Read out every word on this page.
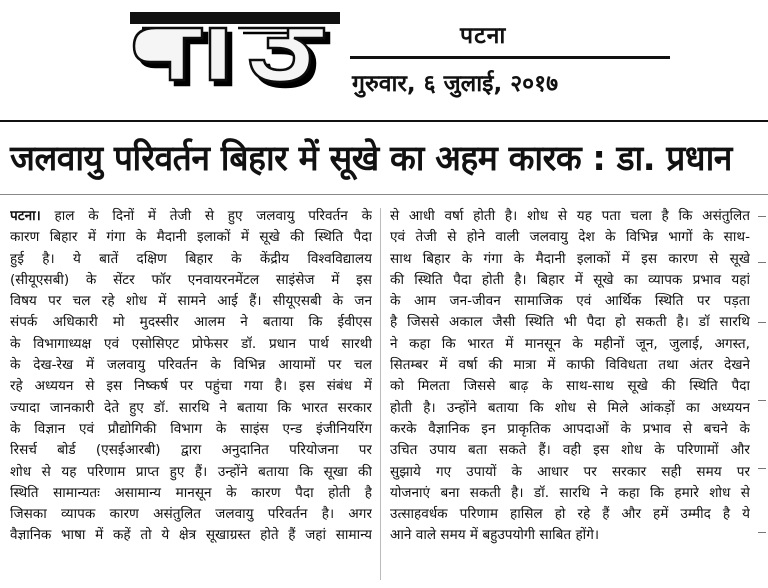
पटना
गुरुवार, ६ जुलाई, २०१७
जलवायु परिवर्तन बिहार में सूखे का अहम कारक : डा. प्रधान
पटना। हाल के दिनों में तेजी से हुए जलवायु परिवर्तन के
कारण बिहार में गंगा के मैदानी इलाकों में सूखे की स्थिति पैदा
हुई है। ये बातें दक्षिण बिहार के केंद्रीय विश्वविद्यालय
(सीयूएसबी) के सेंटर फॉर एनवायरनमेंटल साइंसेज में इस
विषय पर चल रहे शोध में सामने आई हैं। सीयूएसबी के जन
संपर्क अधिकारी मो मुदस्सीर आलम ने बताया कि ईवीएस
के विभागाध्यक्ष एवं एसोसिएट प्रोफेसर डॉ. प्रधान पार्थ सारथी
के देख-रेख में जलवायु परिवर्तन के विभिन्न आयामों पर चल
रहे अध्ययन से इस निष्कर्ष पर पहुंचा गया है। इस संबंध में
ज्यादा जानकारी देते हुए डॉ. सारथि ने बताया कि भारत सरकार
के विज्ञान एवं प्रौद्योगिकी विभाग के साइंस एन्ड इंजीनियरिंग
रिसर्च बोर्ड (एसईआरबी) द्वारा अनुदानित परियोजना पर
शोध से यह परिणाम प्राप्त हुए हैं। उन्होंने बताया कि सूखा की
स्थिति सामान्यतः असामान्य मानसून के कारण पैदा होती है
जिसका व्यापक कारण असंतुलित जलवायु परिवर्तन है। अगर
वैज्ञानिक भाषा में कहें तो ये क्षेत्र सूखाग्रस्त होते हैं जहां सामान्य
से आधी वर्षा होती है। शोध से यह पता चला है कि असंतुलित
एवं तेजी से होने वाली जलवायु देश के विभिन्न भागों के साथ-
साथ बिहार के गंगा के मैदानी इलाकों में इस कारण से सूखे
की स्थिति पैदा होती है। बिहार में सूखे का व्यापक प्रभाव यहां
के आम जन-जीवन सामाजिक एवं आर्थिक स्थिति पर पड़ता
है जिससे अकाल जैसी स्थिति भी पैदा हो सकती है। डॉ सारथि
ने कहा कि भारत में मानसून के महीनों जून, जुलाई, अगस्त,
सितम्बर में वर्षा की मात्रा में काफी विविधता तथा अंतर देखने
को मिलता जिससे बाढ़ के साथ-साथ सूखे की स्थिति पैदा
होती है। उन्होंने बताया कि शोध से मिले आंकड़ों का अध्ययन
करके वैज्ञानिक इन प्राकृतिक आपदाओं के प्रभाव से बचने के
उचित उपाय बता सकते हैं। वही इस शोध के परिणामों और
सुझाये गए उपायों के आधार पर सरकार सही समय पर
योजनाएं बना सकती है। डॉ. सारथि ने कहा कि हमारे शोध से
उत्साहवर्धक परिणाम हासिल हो रहे हैं और हमें उम्मीद है ये
आने वाले समय में बहुउपयोगी साबित होंगे।
